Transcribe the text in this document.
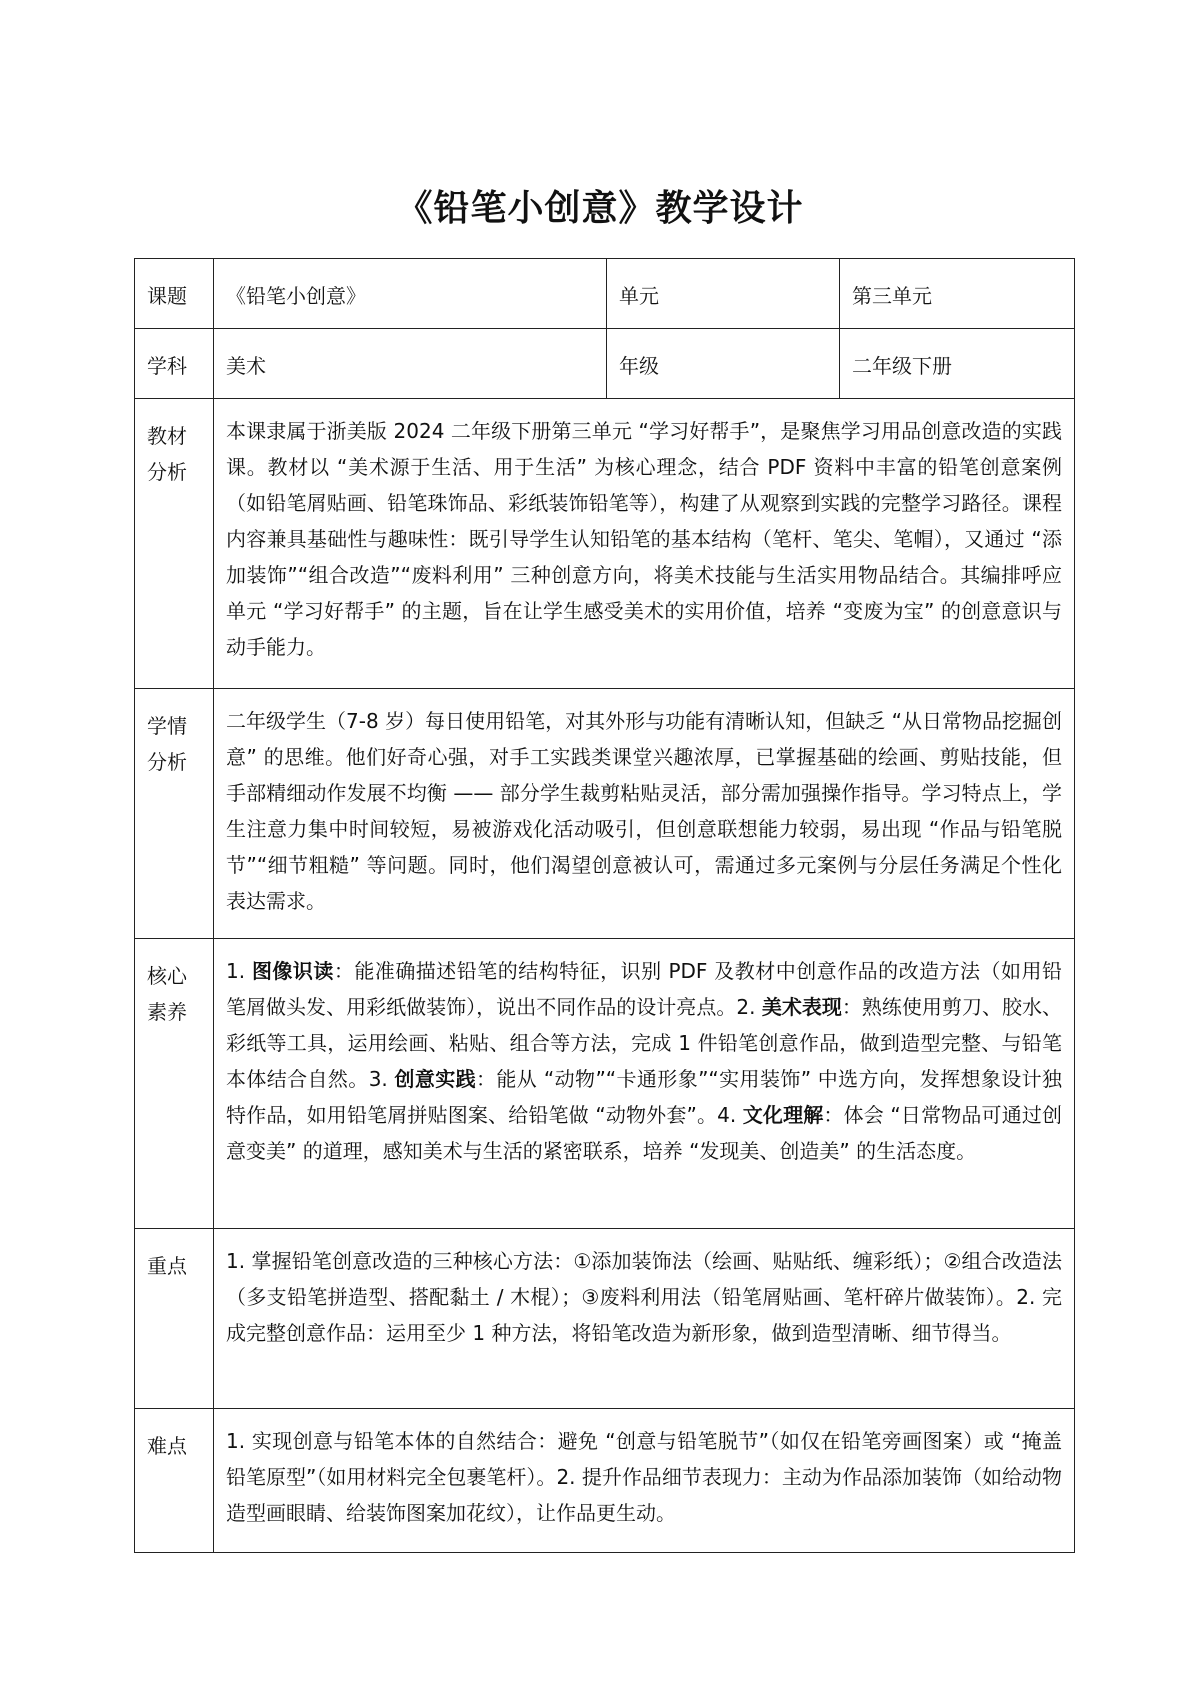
《铅笔小创意》教学设计
课题	《铅笔小创意》	单元	第三单元

学科	美术	年级	二年级下册

教材分析	本课隶属于浙美版 2024 二年级下册第三单元 “学习好帮手”，是聚焦学习用品创意改造的实践课。教材以 “美术源于生活、用于生活” 为核心理念，结合 PDF 资料中丰富的铅笔创意案例（如铅笔屑贴画、铅笔珠饰品、彩纸装饰铅笔等），构建了从观察到实践的完整学习路径。课程内容兼具基础性与趣味性：既引导学生认知铅笔的基本结构（笔杆、笔尖、笔帽），又通过 “添加装饰”“组合改造”“废料利用” 三种创意方向，将美术技能与生活实用物品结合。其编排呼应单元 “学习好帮手” 的主题，旨在让学生感受美术的实用价值，培养 “变废为宝” 的创意意识与动手能力。		

学情分析	二年级学生（7-8 岁）每日使用铅笔，对其外形与功能有清晰认知，但缺乏 “从日常物品挖掘创意” 的思维。他们好奇心强，对手工实践类课堂兴趣浓厚，已掌握基础的绘画、剪贴技能，但手部精细动作发展不均衡 —— 部分学生裁剪粘贴灵活，部分需加强操作指导。学习特点上，学生注意力集中时间较短，易被游戏化活动吸引，但创意联想能力较弱，易出现 “作品与铅笔脱节”“细节粗糙” 等问题。同时，他们渴望创意被认可，需通过多元案例与分层任务满足个性化表达需求。		

核心素养	1. 图像识读：能准确描述铅笔的结构特征，识别 PDF 及教材中创意作品的改造方法（如用铅笔屑做头发、用彩纸做装饰），说出不同作品的设计亮点。2. 美术表现：熟练使用剪刀、胶水、彩纸等工具，运用绘画、粘贴、组合等方法，完成 1 件铅笔创意作品，做到造型完整、与铅笔本体结合自然。3. 创意实践：能从 “动物”“卡通形象”“实用装饰” 中选方向，发挥想象设计独特作品，如用铅笔屑拼贴图案、给铅笔做 “动物外套”。4. 文化理解：体会 “日常物品可通过创意变美” 的道理，感知美术与生活的紧密联系，培养 “发现美、创造美” 的生活态度。		

重点	1. 掌握铅笔创意改造的三种核心方法：①添加装饰法（绘画、贴贴纸、缠彩纸）；②组合改造法（多支铅笔拼造型、搭配黏土 / 木棍）；③废料利用法（铅笔屑贴画、笔杆碎片做装饰）。2. 完成完整创意作品：运用至少 1 种方法，将铅笔改造为新形象，做到造型清晰、细节得当。		

难点	1. 实现创意与铅笔本体的自然结合：避免 “创意与铅笔脱节”（如仅在铅笔旁画图案）或 “掩盖铅笔原型”（如用材料完全包裹笔杆）。2. 提升作品细节表现力：主动为作品添加装饰（如给动物造型画眼睛、给装饰图案加花纹），让作品更生动。		
